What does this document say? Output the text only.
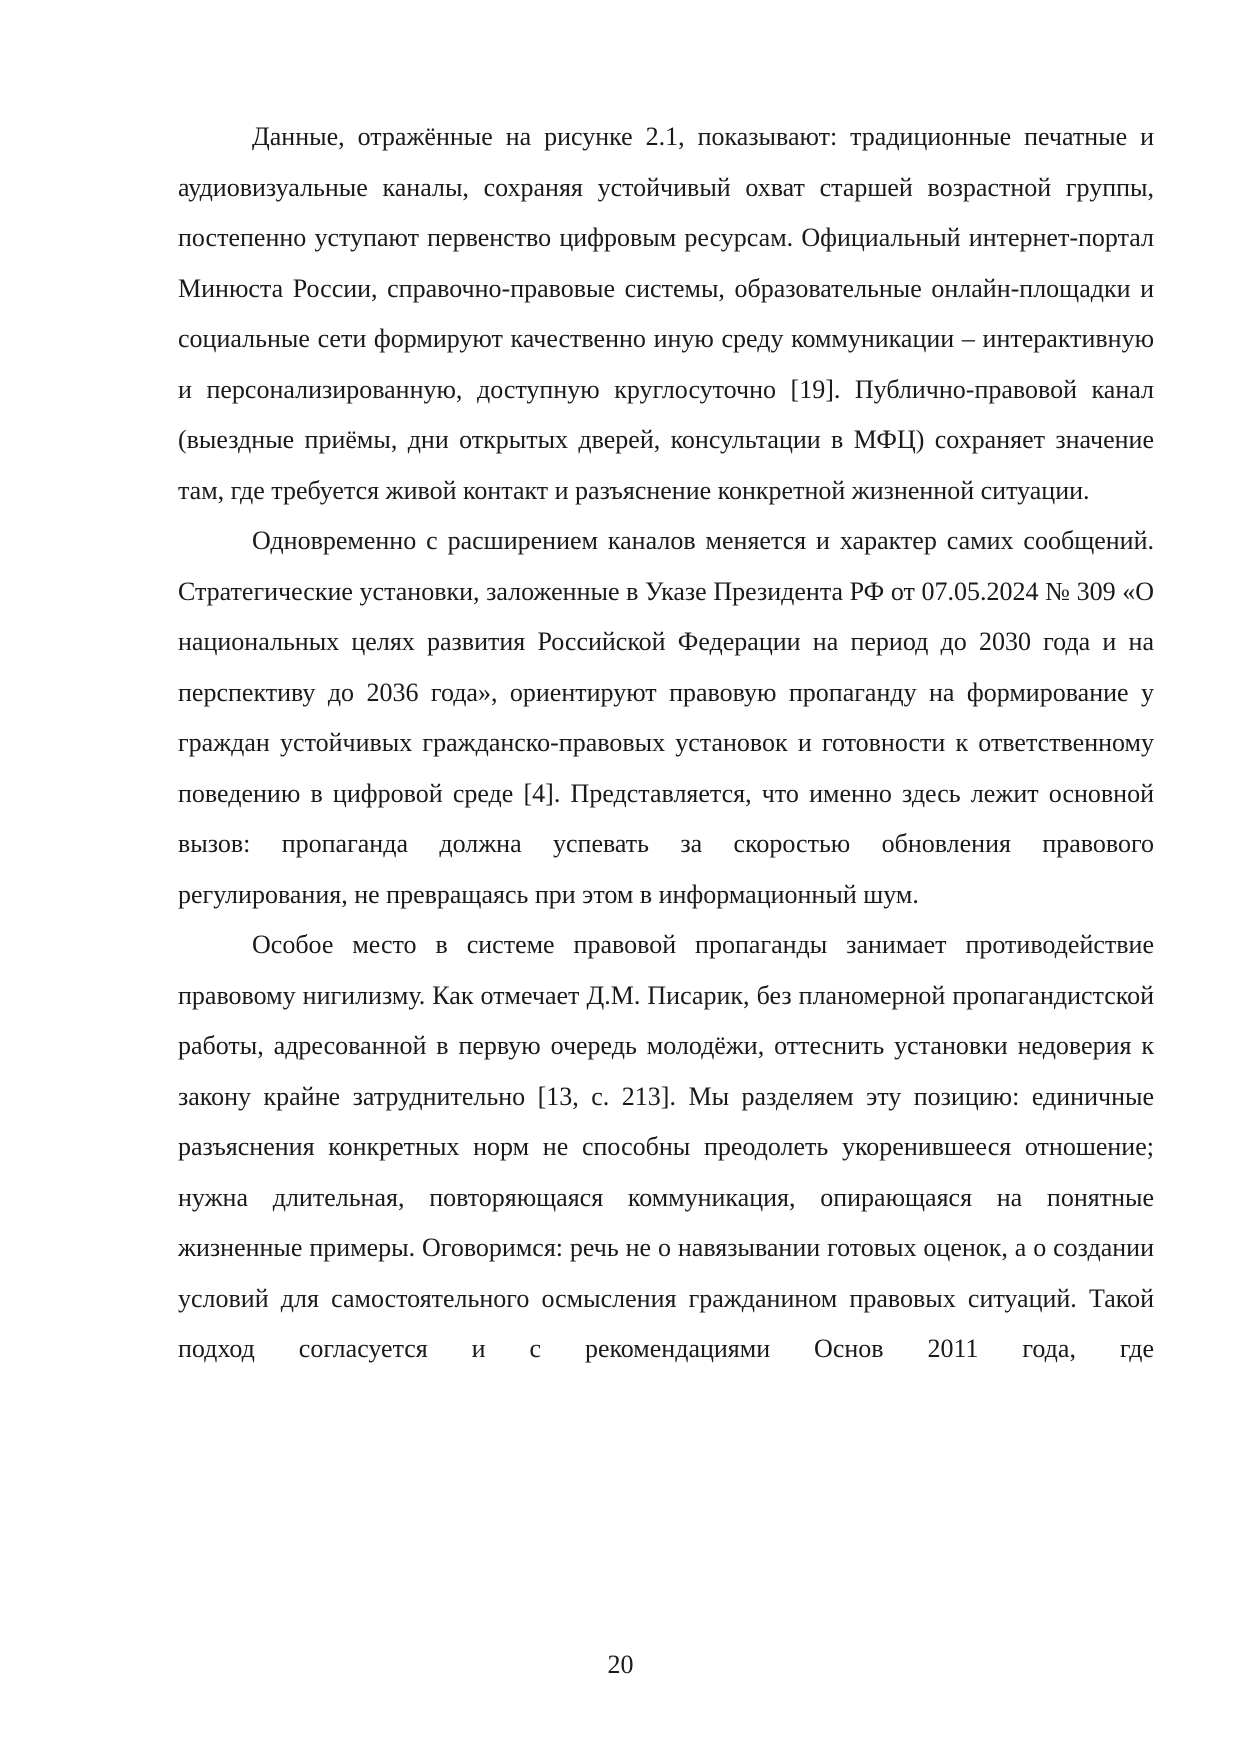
Данные, отражённые на рисунке 2.1, показывают: традиционные печатные и аудиовизуальные каналы, сохраняя устойчивый охват старшей возрастной группы, постепенно уступают первенство цифровым ресурсам. Официальный интернет-портал Минюста России, справочно-правовые системы, образовательные онлайн-площадки и социальные сети формируют качественно иную среду коммуникации – интерактивную и персонализированную, доступную круглосуточно [19]. Публично-правовой канал (выездные приёмы, дни открытых дверей, консультации в МФЦ) сохраняет значение там, где требуется живой контакт и разъяснение конкретной жизненной ситуации.

Одновременно с расширением каналов меняется и характер самих сообщений. Стратегические установки, заложенные в Указе Президента РФ от 07.05.2024 № 309 «О национальных целях развития Российской Федерации на период до 2030 года и на перспективу до 2036 года», ориентируют правовую пропаганду на формирование у граждан устойчивых гражданско-правовых установок и готовности к ответственному поведению в цифровой среде [4]. Представляется, что именно здесь лежит основной вызов: пропаганда должна успевать за скоростью обновления правового регулирования, не превращаясь при этом в информационный шум.

Особое место в системе правовой пропаганды занимает противодействие правовому нигилизму. Как отмечает Д.М. Писарик, без планомерной пропагандистской работы, адресованной в первую очередь молодёжи, оттеснить установки недоверия к закону крайне затруднительно [13, с. 213]. Мы разделяем эту позицию: единичные разъяснения конкретных норм не способны преодолеть укоренившееся отношение; нужна длительная, повторяющаяся коммуникация, опирающаяся на понятные жизненные примеры. Оговоримся: речь не о навязывании готовых оценок, а о создании условий для самостоятельного осмысления гражданином правовых ситуаций. Такой подход согласуется и с рекомендациями Основ 2011 года, где

20
